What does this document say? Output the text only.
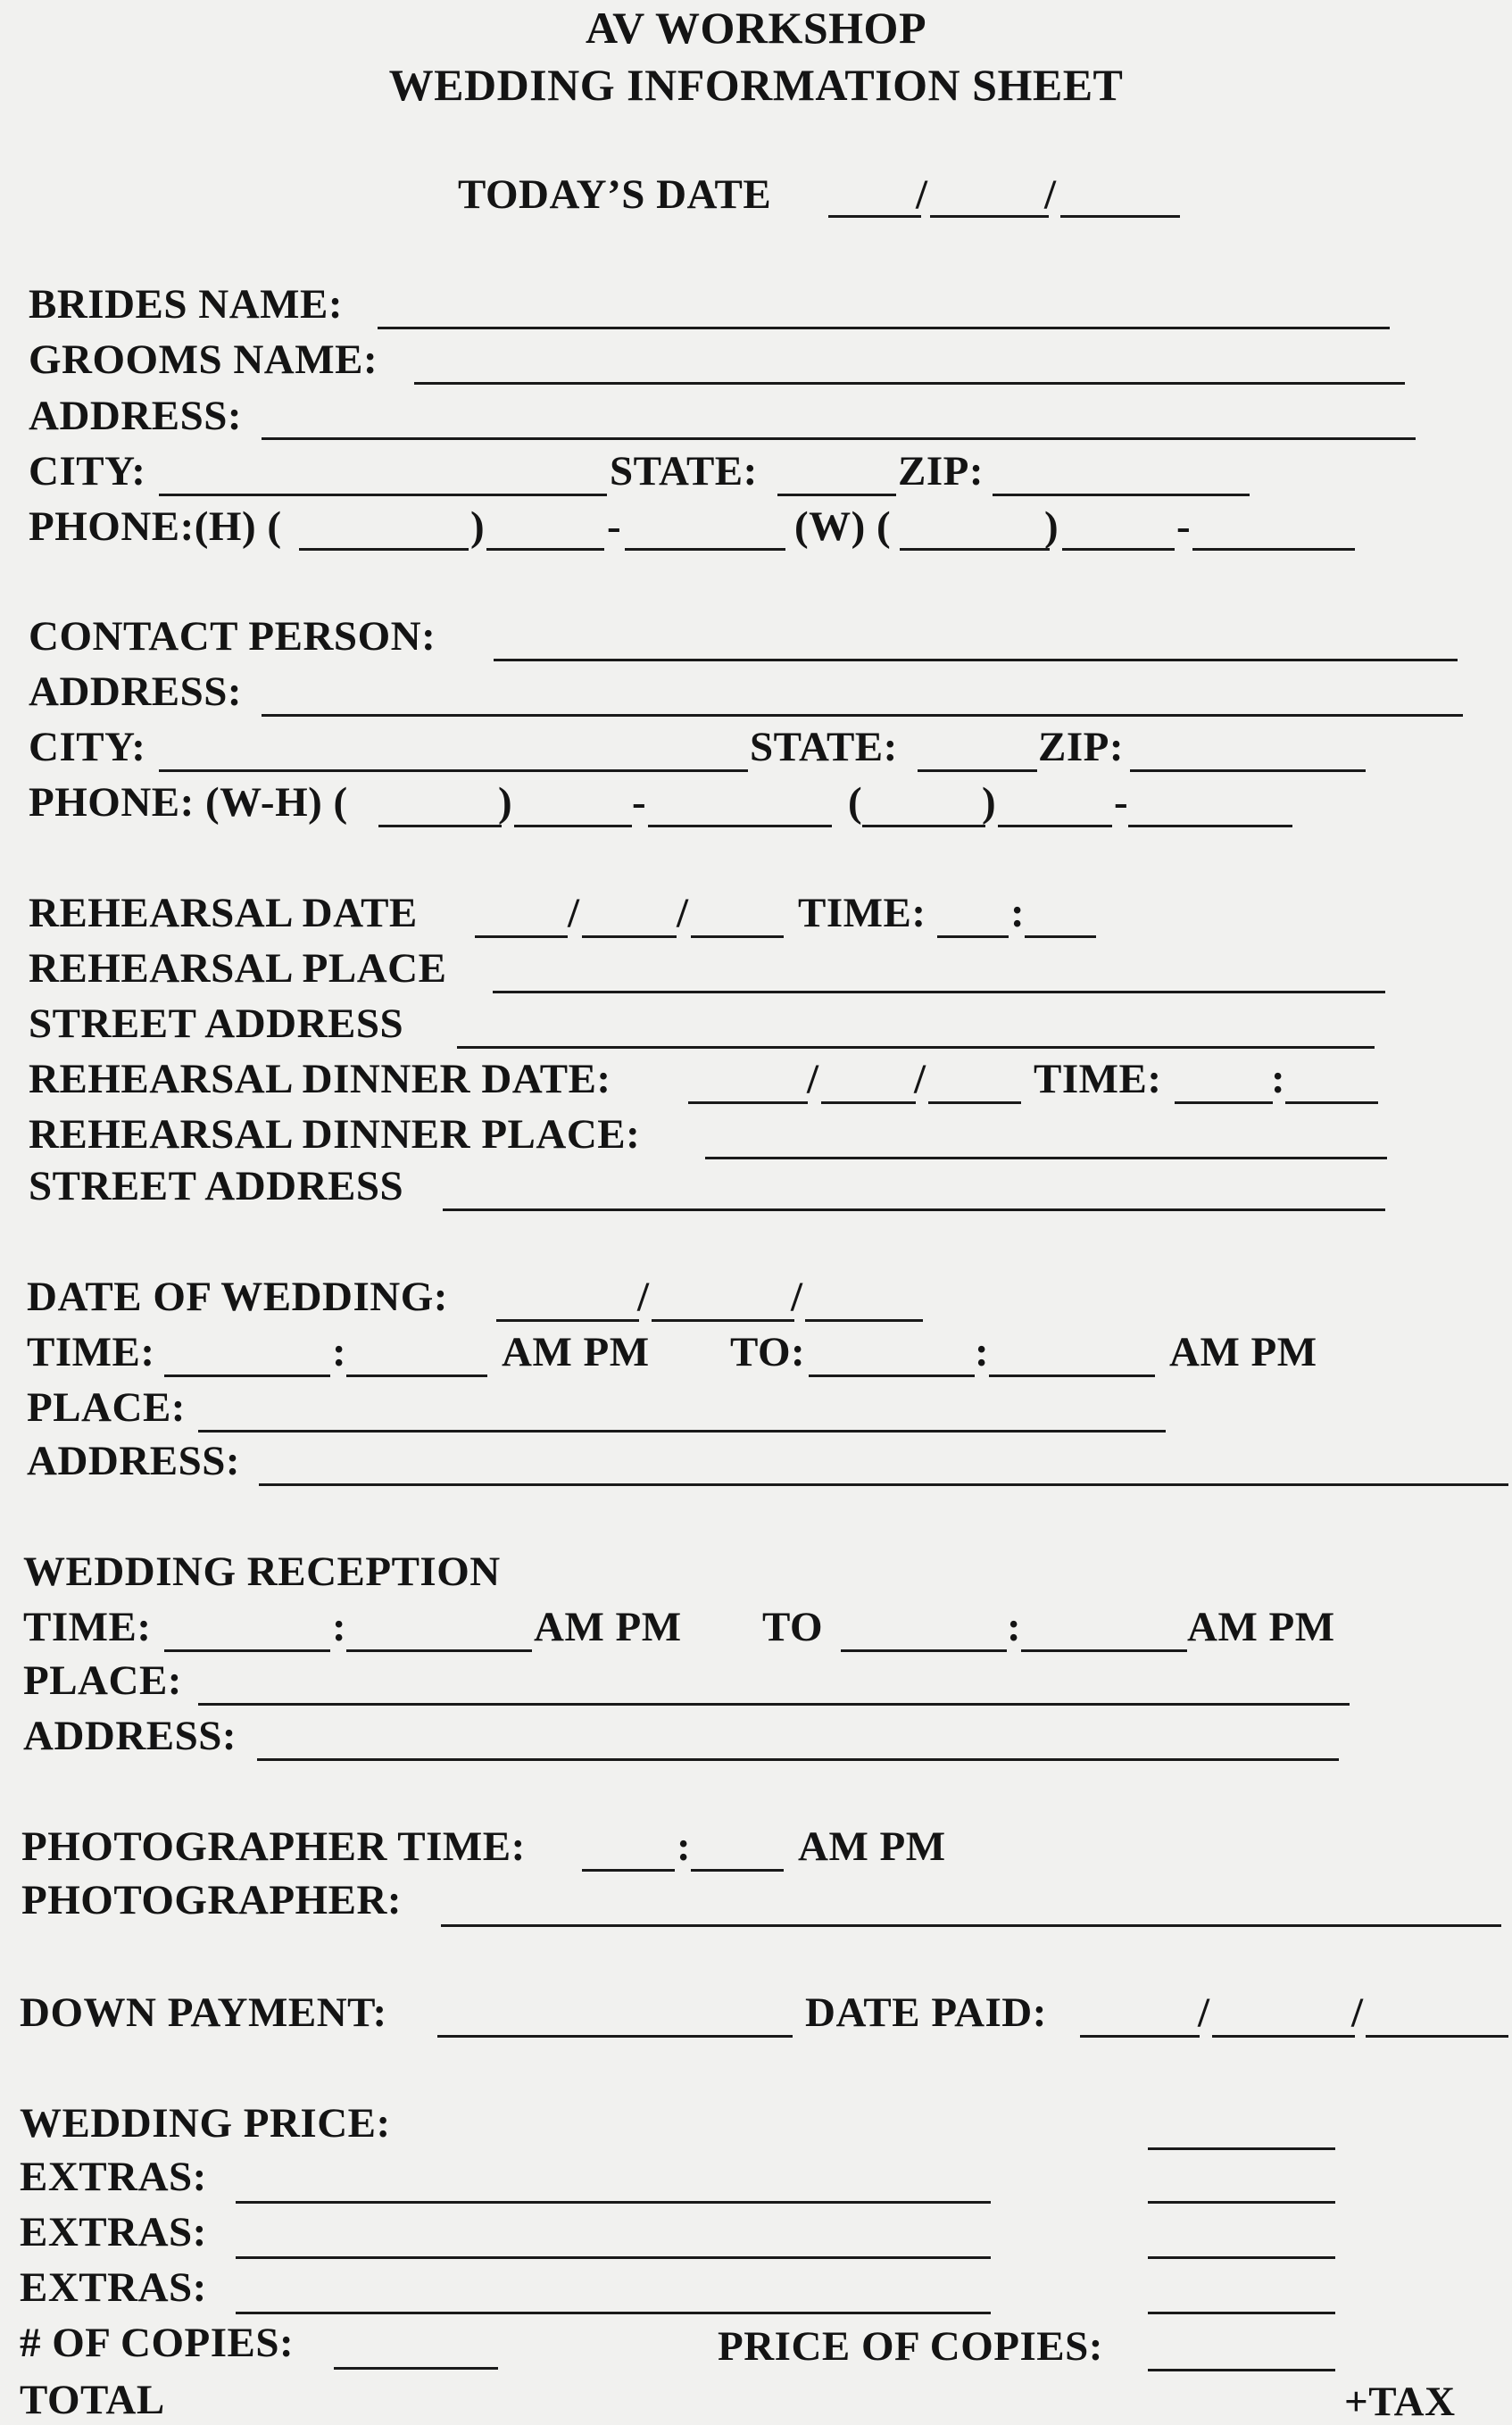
AV WORKSHOP
WEDDING INFORMATION SHEET
TODAY’S DATE	/	/
BRIDES NAME:
GROOMS NAME:
ADDRESS:
CITY:	STATE:	ZIP:
PHONE:(H) (	)	-	(W) (	)	-
CONTACT PERSON:
ADDRESS:
CITY:	STATE:	ZIP:
PHONE: (W-H) (	)	-	(	)	-
REHEARSAL DATE	/ /	TIME: :
REHEARSAL PLACE
STREET ADDRESS
REHEARSAL DINNER DATE:	/ /	TIME:	:
REHEARSAL DINNER PLACE:
STREET ADDRESS
DATE OF WEDDING:	/	/
TIME:	:	AM PM TO:	:	AM PM
PLACE:
ADDRESS:
WEDDING RECEPTION
TIME:	:	AM PM TO	:	AM PM
PLACE:
ADDRESS:
PHOTOGRAPHER TIME:	:	AM PM
PHOTOGRAPHER:
DOWN PAYMENT:	DATE PAID:	/	/
WEDDING PRICE:
EXTRAS:
EXTRAS:
EXTRAS:
# OF COPIES:	PRICE OF COPIES:
TOTAL	+TAX
